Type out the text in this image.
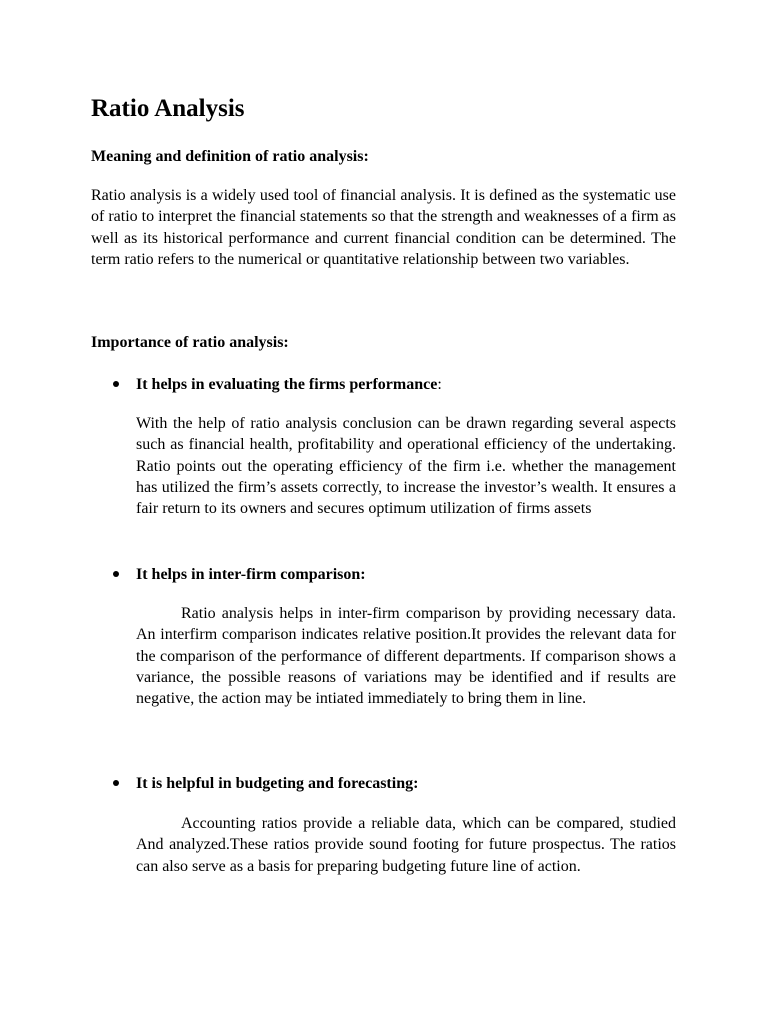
Ratio Analysis
Meaning and definition of ratio analysis:

Ratio analysis is a widely used tool of financial analysis. It is defined as the systematic use of ratio to interpret the financial statements so that the strength and weaknesses of a firm as well as its historical performance and current financial condition can be determined. The term ratio refers to the numerical or quantitative relationship between two variables.

Importance of ratio analysis:

It helps in evaluating the firms performance:

With the help of ratio analysis conclusion can be drawn regarding several aspects such as financial health, profitability and operational efficiency of the undertaking. Ratio points out the operating efficiency of the firm i.e. whether the management has utilized the firm’s assets correctly, to increase the investor’s wealth. It ensures a fair return to its owners and secures optimum utilization of firms assets

It helps in inter-firm comparison:

Ratio analysis helps in inter-firm comparison by providing necessary data. An interfirm comparison indicates relative position.It provides the relevant data for the comparison of the performance of different departments. If comparison shows a variance, the possible reasons of variations may be identified and if results are negative, the action may be intiated immediately to bring them in line.

It is helpful in budgeting and forecasting:

Accounting ratios provide a reliable data, which can be compared, studied And analyzed.These ratios provide sound footing for future prospectus. The ratios can also serve as a basis for preparing budgeting future line of action.
